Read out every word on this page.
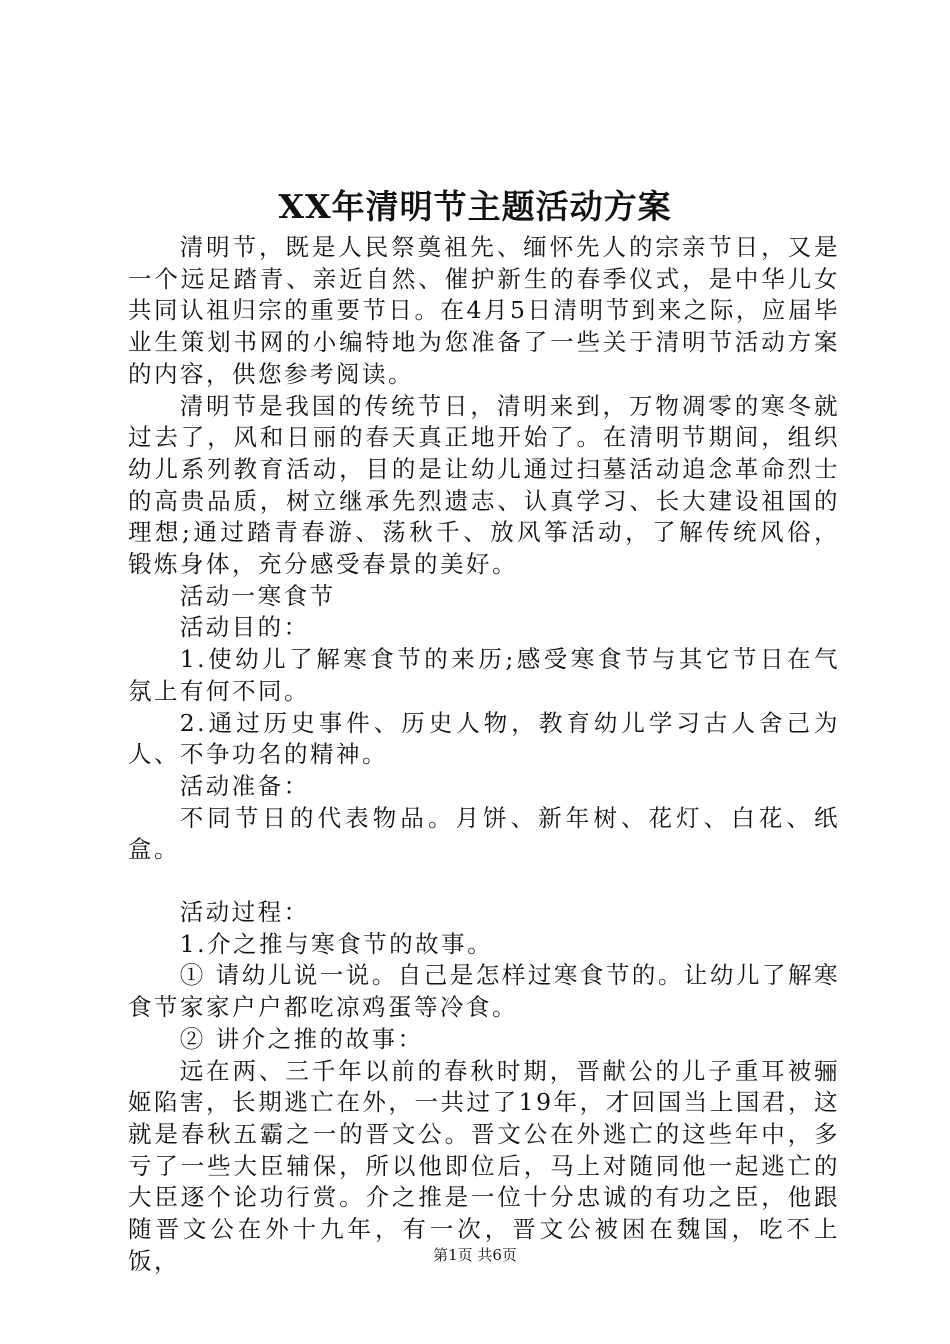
XX年清明节主题活动方案

清明节，既是人民祭奠祖先、缅怀先人的宗亲节日，又是一个远足踏青、亲近自然、催护新生的春季仪式，是中华儿女共同认祖归宗的重要节日。在4月5日清明节到来之际，应届毕业生策划书网的小编特地为您准备了一些关于清明节活动方案的内容，供您参考阅读。

清明节是我国的传统节日，清明来到，万物凋零的寒冬就过去了，风和日丽的春天真正地开始了。在清明节期间，组织幼儿系列教育活动，目的是让幼儿通过扫墓活动追念革命烈士的高贵品质，树立继承先烈遗志、认真学习、长大建设祖国的理想;通过踏青春游、荡秋千、放风筝活动，了解传统风俗，锻炼身体，充分感受春景的美好。

活动一寒食节

活动目的：

1.使幼儿了解寒食节的来历;感受寒食节与其它节日在气氛上有何不同。

2.通过历史事件、历史人物，教育幼儿学习古人舍己为人、不争功名的精神。

活动准备：

不同节日的代表物品。月饼、新年树、花灯、白花、纸盒。

活动过程：

1.介之推与寒食节的故事。

① 请幼儿说一说。自己是怎样过寒食节的。让幼儿了解寒食节家家户户都吃凉鸡蛋等冷食。

② 讲介之推的故事：

远在两、三千年以前的春秋时期，晋献公的儿子重耳被骊姬陷害，长期逃亡在外，一共过了19年，才回国当上国君，这就是春秋五霸之一的晋文公。晋文公在外逃亡的这些年中，多亏了一些大臣辅保，所以他即位后，马上对随同他一起逃亡的大臣逐个论功行赏。介之推是一位十分忠诚的有功之臣，他跟随晋文公在外十九年，有一次，晋文公被困在魏国，吃不上饭，	第1页 共6页
